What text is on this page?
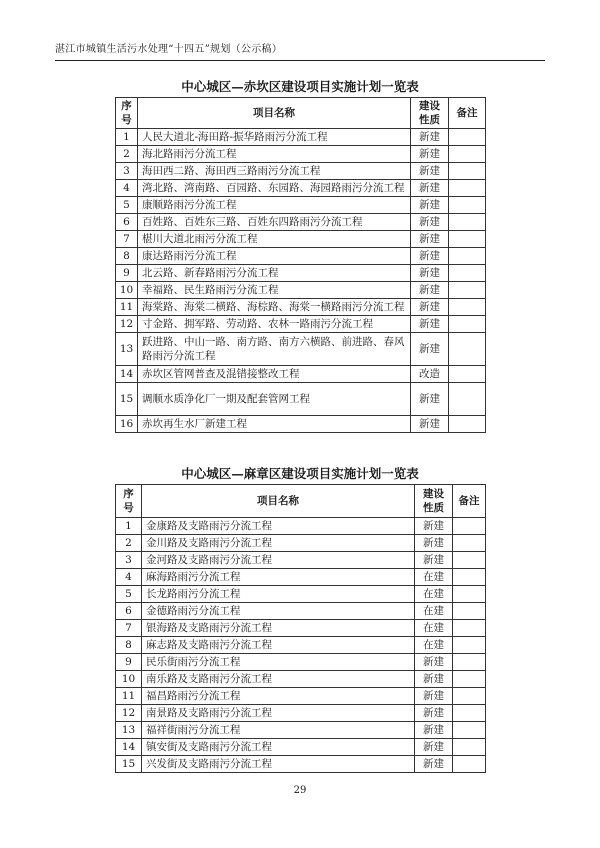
湛江市城镇生活污水处理“十四五”规划（公示稿）
中心城区—赤坎区建设项目实施计划一览表
序号	项目名称	建设性质	备注
1	人民大道北-海田路-振华路雨污分流工程	新建	
2	海北路雨污分流工程	新建	
3	海田西二路、海田西三路雨污分流工程	新建	
4	湾北路、湾南路、百园路、东园路、海园路雨污分流工程	新建	
5	康顺路雨污分流工程	新建	
6	百姓路、百姓东三路、百姓东四路雨污分流工程	新建	
7	椹川大道北雨污分流工程	新建	
8	康达路雨污分流工程	新建	
9	北云路、新春路雨污分流工程	新建	
10	幸福路、民生路雨污分流工程	新建	
11	海棠路、海棠二横路、海棕路、海棠一横路雨污分流工程	新建	
12	寸金路、拥军路、劳动路、农林一路雨污分流工程	新建	
13	跃进路、中山一路、南方路、南方六横路、前进路、春风路雨污分流工程	新建	
14	赤坎区管网普查及混错接整改工程	改造	
15	调顺水质净化厂一期及配套管网工程	新建	
16	赤坎再生水厂新建工程	新建	
中心城区—麻章区建设项目实施计划一览表
序号	项目名称	建设性质	备注
1	金康路及支路雨污分流工程	新建	
2	金川路及支路雨污分流工程	新建	
3	金河路及支路雨污分流工程	新建	
4	麻海路雨污分流工程	在建	
5	长龙路雨污分流工程	在建	
6	金德路雨污分流工程	在建	
7	银海路及支路雨污分流工程	在建	
8	麻志路及支路雨污分流工程	在建	
9	民乐街雨污分流工程	新建	
10	南乐路及支路雨污分流工程	新建	
11	福昌路雨污分流工程	新建	
12	南景路及支路雨污分流工程	新建	
13	福祥街雨污分流工程	新建	
14	镇安街及支路雨污分流工程	新建	
15	兴发街及支路雨污分流工程	新建	
29
